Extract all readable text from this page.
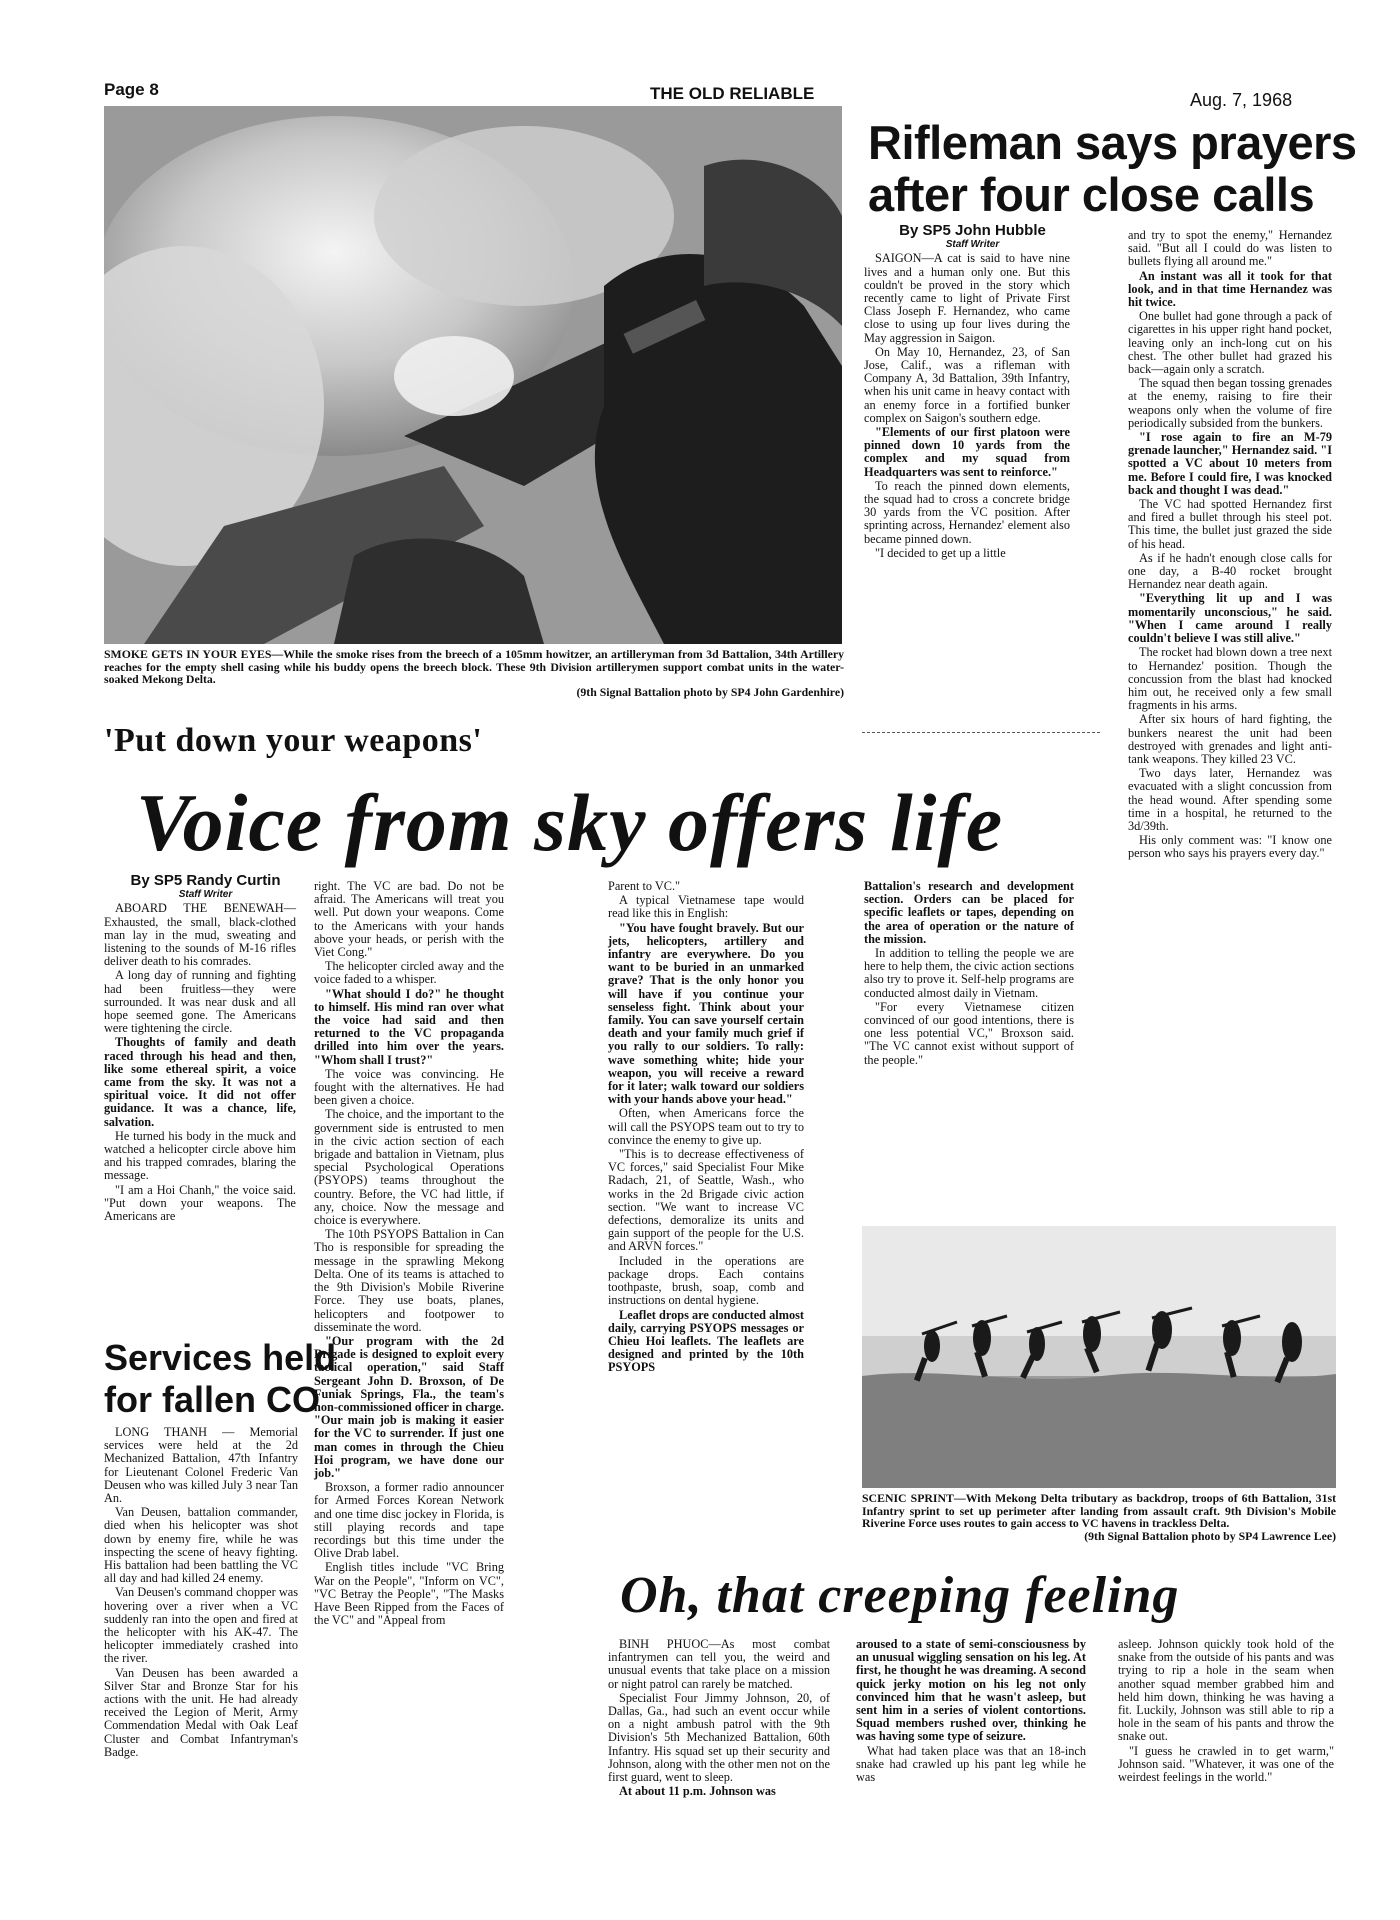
Page 8	THE OLD RELIABLE	Aug. 7, 1968
SMOKE GETS IN YOUR EYES—While the smoke rises from the breech of a 105mm howitzer, an artilleryman from 3d Battalion, 34th Artillery reaches for the empty shell casing while his buddy opens the breech block. These 9th Division artillerymen support combat units in the water-soaked Mekong Delta.
(9th Signal Battalion photo by SP4 John Gardenhire)
Rifleman says prayers
after four close calls

By SP5 John Hubble

Staff Writer

SAIGON—A cat is said to have nine lives and a human only one. But this couldn't be proved in the story which recently came to light of Private First Class Joseph F. Hernandez, who came close to using up four lives during the May aggression in Saigon.

On May 10, Hernandez, 23, of San Jose, Calif., was a rifleman with Company A, 3d Battalion, 39th Infantry, when his unit came in heavy contact with an enemy force in a fortified bunker complex on Saigon's southern edge.

"Elements of our first platoon were pinned down 10 yards from the complex and my squad from Headquarters was sent to reinforce."

To reach the pinned down elements, the squad had to cross a concrete bridge 30 yards from the VC position. After sprinting across, Hernandez' element also became pinned down.

"I decided to get up a little

and try to spot the enemy," Hernandez said. "But all I could do was listen to bullets flying all around me."

An instant was all it took for that look, and in that time Hernandez was hit twice.

One bullet had gone through a pack of cigarettes in his upper right hand pocket, leaving only an inch-long cut on his chest. The other bullet had grazed his back—again only a scratch.

The squad then began tossing grenades at the enemy, raising to fire their weapons only when the volume of fire periodically subsided from the bunkers.

"I rose again to fire an M-79 grenade launcher," Hernandez said. "I spotted a VC about 10 meters from me. Before I could fire, I was knocked back and thought I was dead."

The VC had spotted Hernandez first and fired a bullet through his steel pot. This time, the bullet just grazed the side of his head.

As if he hadn't enough close calls for one day, a B-40 rocket brought Hernandez near death again.

"Everything lit up and I was momentarily unconscious," he said. "When I came around I really couldn't believe I was still alive."

The rocket had blown down a tree next to Hernandez' position. Though the concussion from the blast had knocked him out, he received only a few small fragments in his arms.

After six hours of hard fighting, the bunkers nearest the unit had been destroyed with grenades and light anti-tank weapons. They killed 23 VC.

Two days later, Hernandez was evacuated with a slight concussion from the head wound. After spending some time in a hospital, he returned to the 3d/39th.

His only comment was: "I know one person who says his prayers every day."

'Put down your weapons'
Voice from sky offers life

By SP5 Randy Curtin

Staff Writer

ABOARD THE BENEWAH—Exhausted, the small, black-clothed man lay in the mud, sweating and listening to the sounds of M-16 rifles deliver death to his comrades.

A long day of running and fighting had been fruitless—they were surrounded. It was near dusk and all hope seemed gone. The Americans were tightening the circle.

Thoughts of family and death raced through his head and then, like some ethereal spirit, a voice came from the sky. It was not a spiritual voice. It did not offer guidance. It was a chance, life, salvation.

He turned his body in the muck and watched a helicopter circle above him and his trapped comrades, blaring the message.

"I am a Hoi Chanh," the voice said. "Put down your weapons. The Americans are

right. The VC are bad. Do not be afraid. The Americans will treat you well. Put down your weapons. Come to the Americans with your hands above your heads, or perish with the Viet Cong."

The helicopter circled away and the voice faded to a whisper.

"What should I do?" he thought to himself. His mind ran over what the voice had said and then returned to the VC propaganda drilled into him over the years. "Whom shall I trust?"

The voice was convincing. He fought with the alternatives. He had been given a choice.

The choice, and the important to the government side is entrusted to men in the civic action section of each brigade and battalion in Vietnam, plus special Psychological Operations (PSYOPS) teams throughout the country. Before, the VC had little, if any, choice. Now the message and choice is everywhere.

The 10th PSYOPS Battalion in Can Tho is responsible for spreading the message in the sprawling Mekong Delta. One of its teams is attached to the 9th Division's Mobile Riverine Force. They use boats, planes, helicopters and footpower to disseminate the word.

"Our program with the 2d Brigade is designed to exploit every tactical operation," said Staff Sergeant John D. Broxson, of De Funiak Springs, Fla., the team's non-commissioned officer in charge. "Our main job is making it easier for the VC to surrender. If just one man comes in through the Chieu Hoi program, we have done our job."

Broxson, a former radio announcer for Armed Forces Korean Network and one time disc jockey in Florida, is still playing records and tape recordings but this time under the Olive Drab label.

English titles include "VC Bring War on the People", "Inform on VC", "VC Betray the People", "The Masks Have Been Ripped from the Faces of the VC" and "Appeal from

Parent to VC."

A typical Vietnamese tape would read like this in English:

"You have fought bravely. But our jets, helicopters, artillery and infantry are everywhere. Do you want to be buried in an unmarked grave? That is the only honor you will have if you continue your senseless fight. Think about your family. You can save yourself certain death and your family much grief if you rally to our soldiers. To rally: wave something white; hide your weapon, you will receive a reward for it later; walk toward our soldiers with your hands above your head."

Often, when Americans force the will call the PSYOPS team out to try to convince the enemy to give up.

"This is to decrease effectiveness of VC forces," said Specialist Four Mike Radach, 21, of Seattle, Wash., who works in the 2d Brigade civic action section. "We want to increase VC defections, demoralize its units and gain support of the people for the U.S. and ARVN forces."

Included in the operations are package drops. Each contains toothpaste, brush, soap, comb and instructions on dental hygiene.

Leaflet drops are conducted almost daily, carrying PSYOPS messages or Chieu Hoi leaflets. The leaflets are designed and printed by the 10th PSYOPS

Battalion's research and development section. Orders can be placed for specific leaflets or tapes, depending on the area of operation or the nature of the mission.

In addition to telling the people we are here to help them, the civic action sections also try to prove it. Self-help programs are conducted almost daily in Vietnam.

"For every Vietnamese citizen convinced of our good intentions, there is one less potential VC," Broxson said. "The VC cannot exist without support of the people."

SCENIC SPRINT—With Mekong Delta tributary as backdrop, troops of 6th Battalion, 31st Infantry sprint to set up perimeter after landing from assault craft. 9th Division's Mobile Riverine Force uses routes to gain access to VC havens in trackless Delta.
(9th Signal Battalion photo by SP4 Lawrence Lee)
Services held
for fallen CO

LONG THANH — Memorial services were held at the 2d Mechanized Battalion, 47th Infantry for Lieutenant Colonel Frederic Van Deusen who was killed July 3 near Tan An.

Van Deusen, battalion commander, died when his helicopter was shot down by enemy fire, while he was inspecting the scene of heavy fighting. His battalion had been battling the VC all day and had killed 24 enemy.

Van Deusen's command chopper was hovering over a river when a VC suddenly ran into the open and fired at the helicopter with his AK-47. The helicopter immediately crashed into the river.

Van Deusen has been awarded a Silver Star and Bronze Star for his actions with the unit. He had already received the Legion of Merit, Army Commendation Medal with Oak Leaf Cluster and Combat Infantryman's Badge.

Oh, that creeping feeling

BINH PHUOC—As most combat infantrymen can tell you, the weird and unusual events that take place on a mission or night patrol can rarely be matched.

Specialist Four Jimmy Johnson, 20, of Dallas, Ga., had such an event occur while on a night ambush patrol with the 9th Division's 5th Mechanized Battalion, 60th Infantry. His squad set up their security and Johnson, along with the other men not on the first guard, went to sleep.

At about 11 p.m. Johnson was

aroused to a state of semi-consciousness by an unusual wiggling sensation on his leg. At first, he thought he was dreaming. A second quick jerky motion on his leg not only convinced him that he wasn't asleep, but sent him in a series of violent contortions. Squad members rushed over, thinking he was having some type of seizure.

What had taken place was that an 18-inch snake had crawled up his pant leg while he was

asleep. Johnson quickly took hold of the snake from the outside of his pants and was trying to rip a hole in the seam when another squad member grabbed him and held him down, thinking he was having a fit. Luckily, Johnson was still able to rip a hole in the seam of his pants and throw the snake out.

"I guess he crawled in to get warm," Johnson said. "Whatever, it was one of the weirdest feelings in the world."
